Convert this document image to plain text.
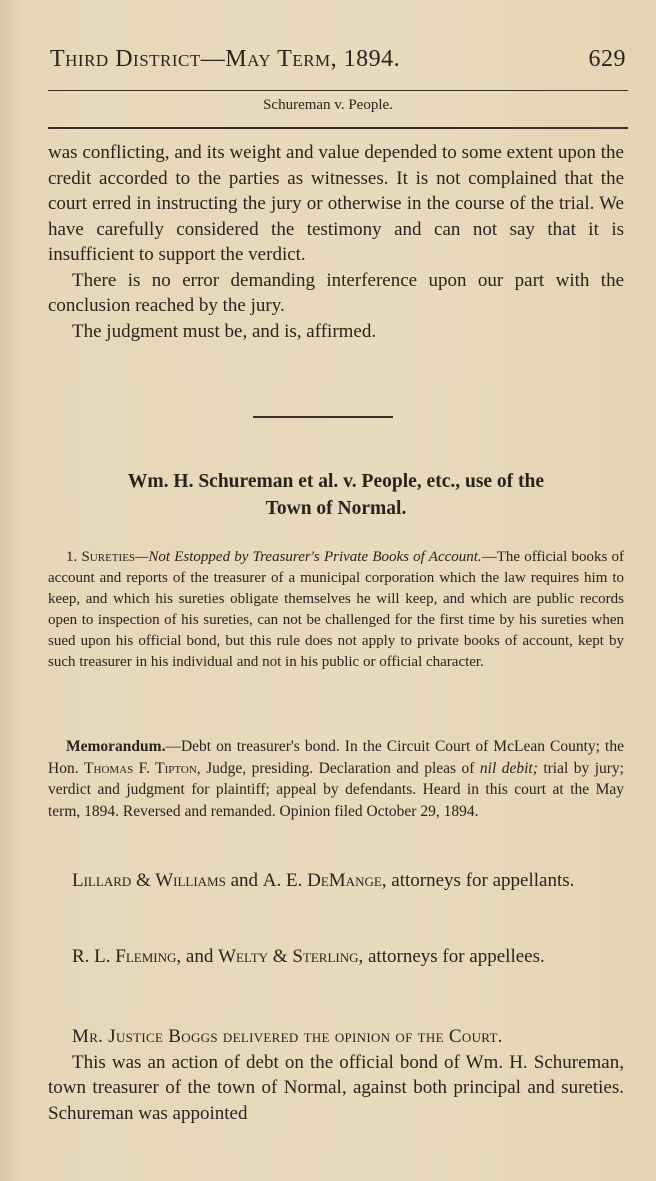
Third District—May Term, 1894.	629
Schureman v. People.

was conflicting, and its weight and value depended to some extent upon the credit accorded to the parties as witnesses. It is not complained that the court erred in instructing the jury or otherwise in the course of the trial. We have carefully considered the testimony and can not say that it is insufficient to support the verdict.

There is no error demanding interference upon our part with the conclusion reached by the jury.

The judgment must be, and is, affirmed.

Wm. H. Schureman et al. v. People, etc., use of the
Town of Normal.
1. Sureties—Not Estopped by Treasurer's Private Books of Account.—The official books of account and reports of the treasurer of a municipal corporation which the law requires him to keep, and which his sureties obligate themselves he will keep, and which are public records open to inspection of his sureties, can not be challenged for the first time by his sureties when sued upon his official bond, but this rule does not apply to private books of account, kept by such treasurer in his individual and not in his public or official character.
Memorandum.—Debt on treasurer's bond. In the Circuit Court of McLean County; the Hon. Thomas F. Tipton, Judge, presiding. Declaration and pleas of nil debit; trial by jury; verdict and judgment for plaintiff; appeal by defendants. Heard in this court at the May term, 1894. Reversed and remanded. Opinion filed October 29, 1894.
Lillard & Williams and A. E. DeMange, attorneys for appellants.
R. L. Fleming, and Welty & Sterling, attorneys for appellees.

Mr. Justice Boggs delivered the opinion of the Court.

This was an action of debt on the official bond of Wm. H. Schureman, town treasurer of the town of Normal, against both principal and sureties. Schureman was appointed
